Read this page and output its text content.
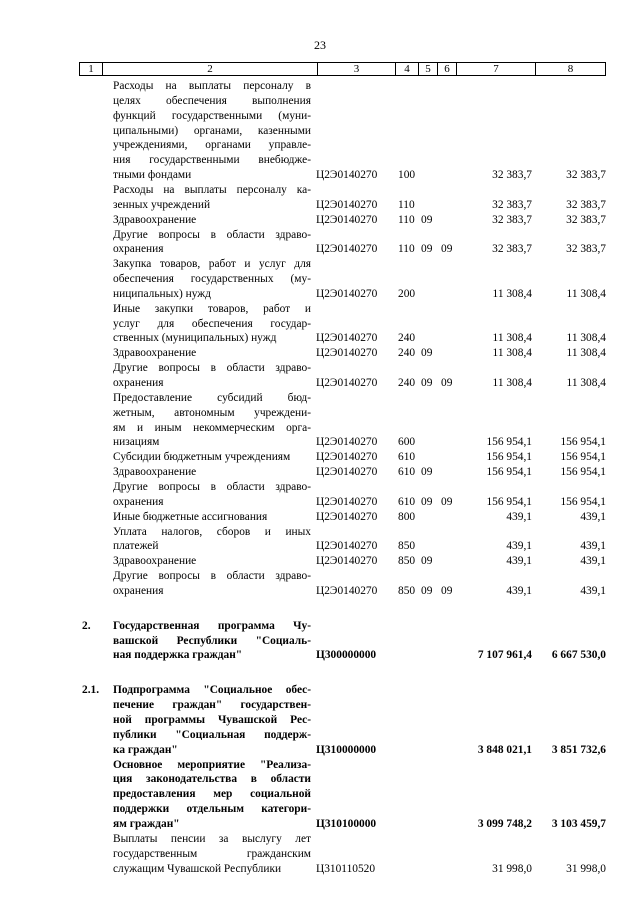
23
1	2	3	4	5	6	7	8
Расходы на выплаты персоналу в
целях обеспечения выполнения
функций государственными (муни-
ципальными) органами, казенными
учреждениями, органами управле-
ния государственными внебюдже-
тными фондами	Ц2Э0140270 100	32 383,7	32 383,7
Расходы на выплаты персоналу ка-
зенных учреждений	Ц2Э0140270 110	32 383,7	32 383,7
Здравоохранение	Ц2Э0140270 110 09	32 383,7	32 383,7
Другие вопросы в области здраво-
охранения	Ц2Э0140270 110 09 09	32 383,7	32 383,7
Закупка товаров, работ и услуг для
обеспечения государственных (му-
ниципальных) нужд	Ц2Э0140270 200	11 308,4	11 308,4
Иные закупки товаров, работ и
услуг для обеспечения государ-
ственных (муниципальных) нужд	Ц2Э0140270 240	11 308,4	11 308,4
Здравоохранение	Ц2Э0140270 240 09	11 308,4	11 308,4
Другие вопросы в области здраво-
охранения	Ц2Э0140270 240 09 09	11 308,4	11 308,4
Предоставление субсидий бюд-
жетным, автономным учреждени-
ям и иным некоммерческим орга-
низациям	Ц2Э0140270 600	156 954,1	156 954,1
Субсидии бюджетным учреждениям	Ц2Э0140270 610	156 954,1	156 954,1
Здравоохранение	Ц2Э0140270 610 09	156 954,1	156 954,1
Другие вопросы в области здраво-
охранения	Ц2Э0140270 610 09 09	156 954,1	156 954,1
Иные бюджетные ассигнования	Ц2Э0140270 800	439,1	439,1
Уплата налогов, сборов и иных
платежей	Ц2Э0140270 850	439,1	439,1
Здравоохранение	Ц2Э0140270 850 09	439,1	439,1
Другие вопросы в области здраво-
охранения	Ц2Э0140270 850 09 09	439,1	439,1
2.	Государственная программа Чу-
вашской Республики "Социаль-
ная поддержка граждан"	Ц300000000	7 107 961,4	6 667 530,0
2.1.	Подпрограмма "Социальное обес-
печение граждан" государствен-
ной программы Чувашской Рес-
публики "Социальная поддерж-
ка граждан"	Ц310000000	3 848 021,1	3 851 732,6
Основное мероприятие "Реализа-
ция законодательства в области
предоставления мер социальной
поддержки отдельным категори-
ям граждан"	Ц310100000	3 099 748,2	3 103 459,7
Выплаты пенсии за выслугу лет
государственным гражданским
служащим Чувашской Республики	Ц310110520	31 998,0	31 998,0
